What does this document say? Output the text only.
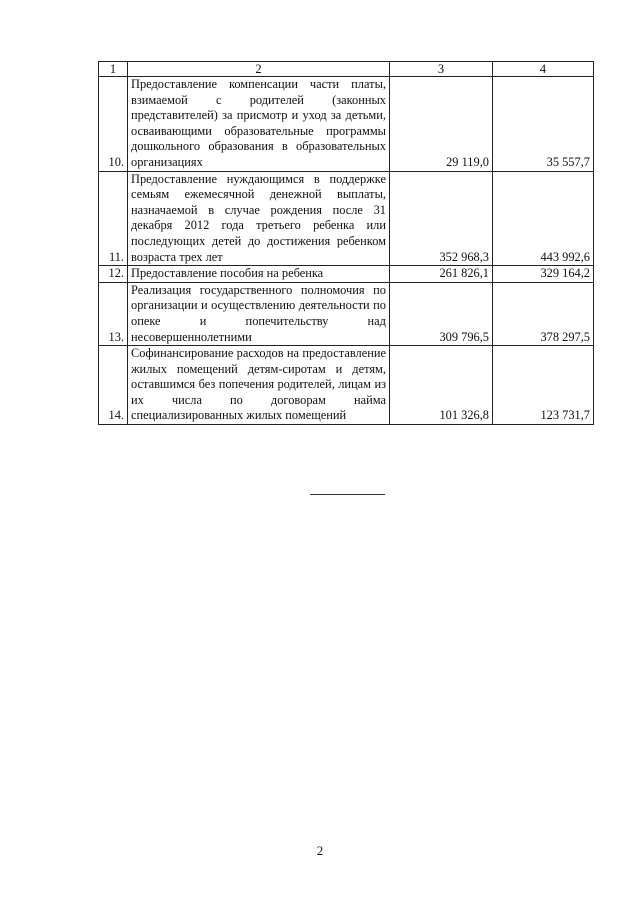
1	2	3	4
10.	Предоставление компенсации части платы, взимаемой с родителей (законных представителей) за присмотр и уход за детьми, осваивающими образовательные программы дошкольного образования в образовательных организациях	29 119,0	35 557,7
11.	Предоставление нуждающимся в поддержке семьям ежемесячной денежной выплаты, назначаемой в случае рождения после 31 декабря 2012 года третьего ребенка или последующих детей до достижения ребенком возраста трех лет	352 968,3	443 992,6
12.	Предоставление пособия на ребенка	261 826,1	329 164,2
13.	Реализация государственного полномочия по организации и осуществлению деятельности по опеке и попечительству над несовершеннолетними	309 796,5	378 297,5
14.	Софинансирование расходов на предоставление жилых помещений детям-сиротам и детям, оставшимся без попечения родителей, лицам из их числа по договорам найма специализированных жилых помещений	101 326,8	123 731,7
2
